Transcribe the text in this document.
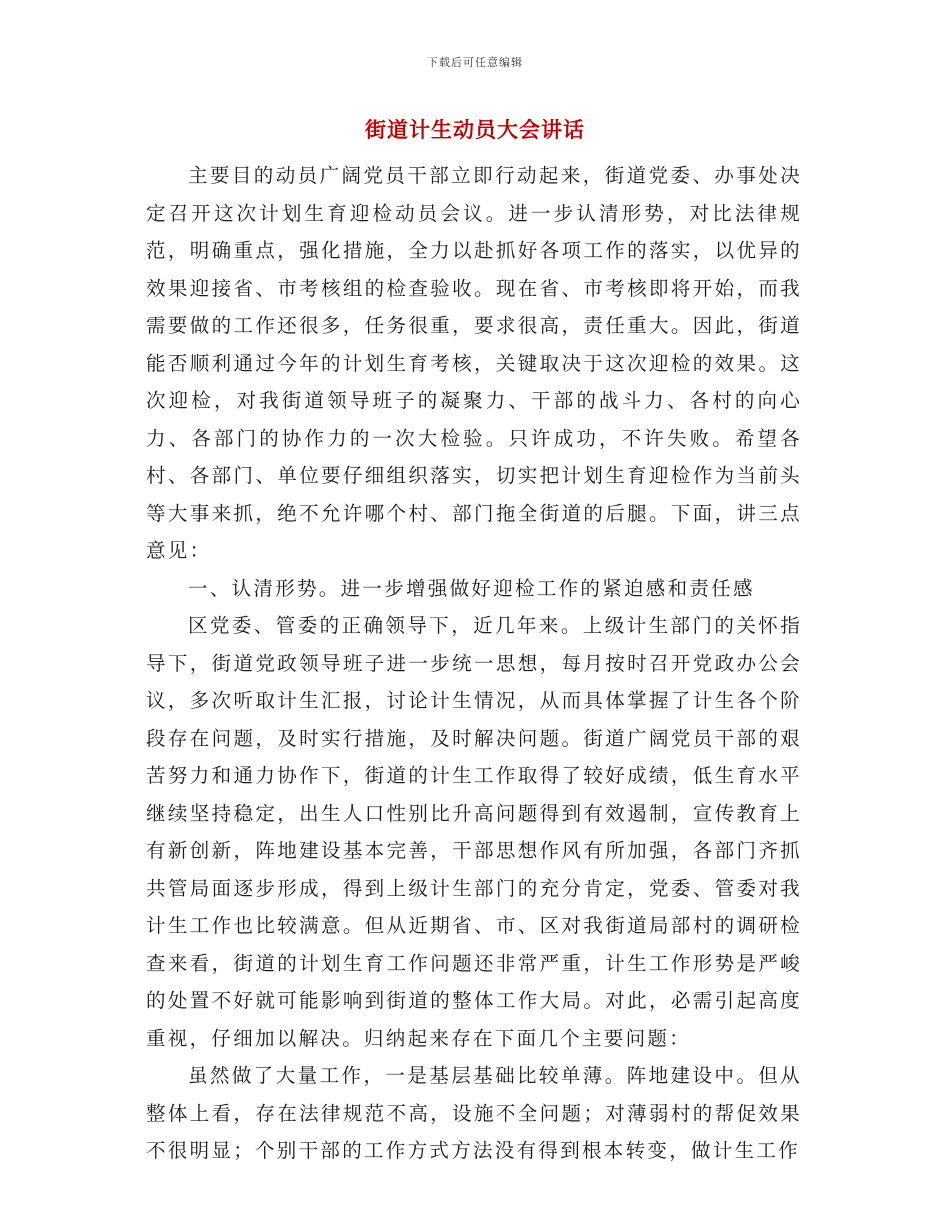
下载后可任意编辑
街道计生动员大会讲话

主要目的动员广阔党员干部立即行动起来，街道党委、办事处决定召开这次计划生育迎检动员会议。进一步认清形势，对比法律规范，明确重点，强化措施，全力以赴抓好各项工作的落实，以优异的效果迎接省、市考核组的检查验收。现在省、市考核即将开始，而我需要做的工作还很多，任务很重，要求很高，责任重大。因此，街道能否顺利通过今年的计划生育考核，关键取决于这次迎检的效果。这次迎检，对我街道领导班子的凝聚力、干部的战斗力、各村的向心力、各部门的协作力的一次大检验。只许成功，不许失败。希望各村、各部门、单位要仔细组织落实，切实把计划生育迎检作为当前头等大事来抓，绝不允许哪个村、部门拖全街道的后腿。下面，讲三点意见：

一、认清形势。进一步增强做好迎检工作的紧迫感和责任感

区党委、管委的正确领导下，近几年来。上级计生部门的关怀指导下，街道党政领导班子进一步统一思想，每月按时召开党政办公会议，多次听取计生汇报，讨论计生情况，从而具体掌握了计生各个阶段存在问题，及时实行措施，及时解决问题。街道广阔党员干部的艰苦努力和通力协作下，街道的计生工作取得了较好成绩，低生育水平继续坚持稳定，出生人口性别比升高问题得到有效遏制，宣传教育上有新创新，阵地建设基本完善，干部思想作风有所加强，各部门齐抓共管局面逐步形成，得到上级计生部门的充分肯定，党委、管委对我计生工作也比较满意。但从近期省、市、区对我街道局部村的调研检查来看，街道的计划生育工作问题还非常严重，计生工作形势是严峻的处置不好就可能影响到街道的整体工作大局。对此，必需引起高度重视，仔细加以解决。归纳起来存在下面几个主要问题：

虽然做了大量工作，一是基层基础比较单薄。阵地建设中。但从整体上看，存在法律规范不高，设施不全问题；对薄弱村的帮促效果不很明显；个别干部的工作方式方法没有得到根本转变，做计生工作
